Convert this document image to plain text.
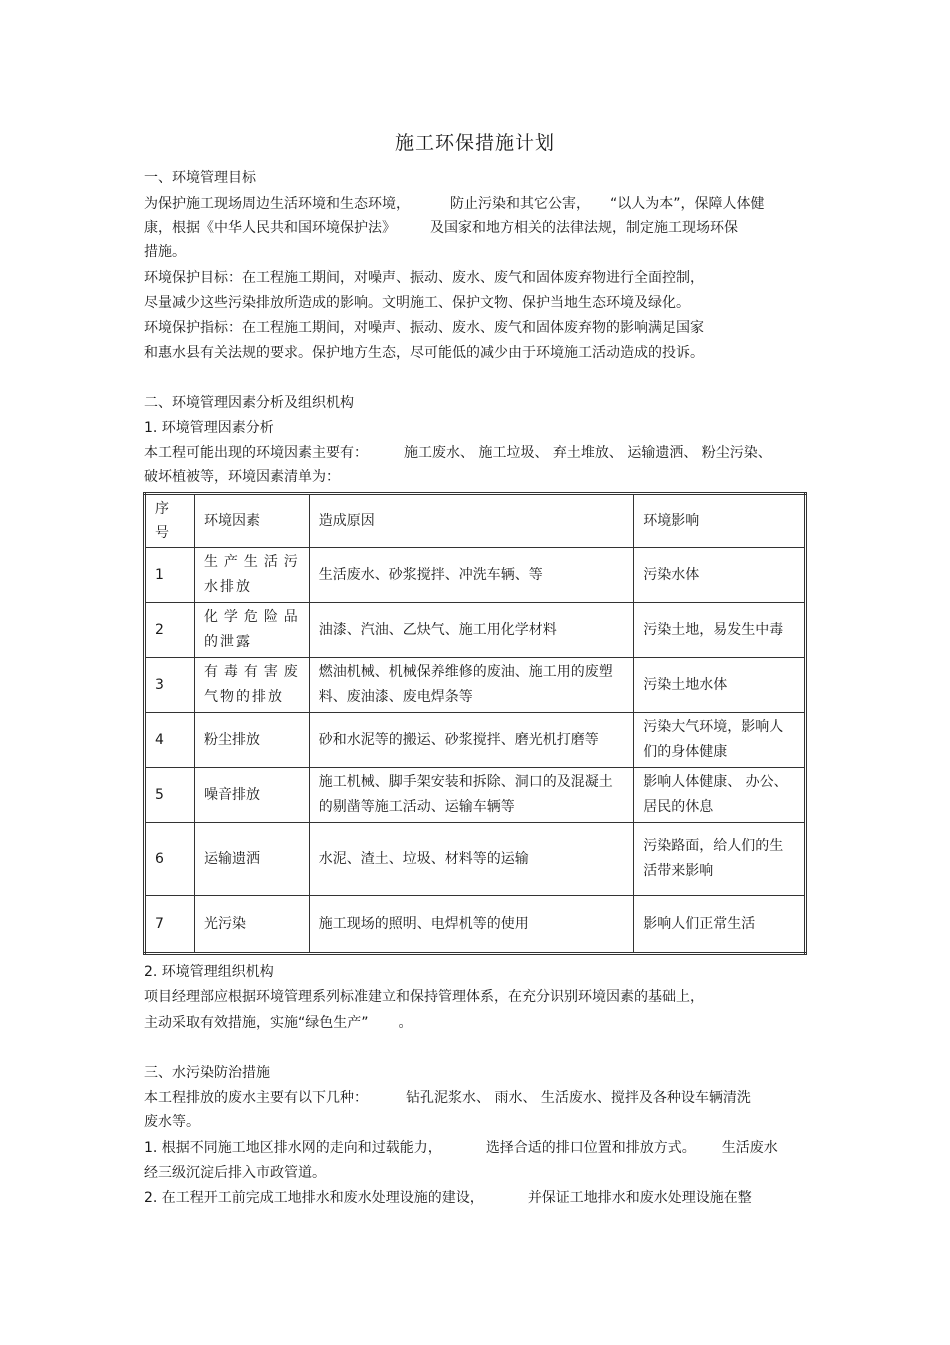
施工环保措施计划
一、环境管理目标
为保护施工现场周边生活环境和生态环境，	防止污染和其它公害， “以人为本”，保障人体健
康，根据《中华人民共和国环境保护法》 及国家和地方相关的法律法规，制定施工现场环保
措施。
环境保护目标：在工程施工期间，对噪声、振动、废水、废气和固体废弃物进行全面控制，
尽量减少这些污染排放所造成的影响。文明施工、保护文物、保护当地生态环境及绿化。
环境保护指标：在工程施工期间，对噪声、振动、废水、废气和固体废弃物的影响满足国家
和惠水县有关法规的要求。保护地方生态，尽可能低的减少由于环境施工活动造成的投诉。
二、环境管理因素分析及组织机构
1. 环境管理因素分析
本工程可能出现的环境因素主要有：	施工废水、 施工垃圾、 弃土堆放、 运输遗洒、 粉尘污染、
破坏植被等，环境因素清单为：
序号	环境因素	造成原因	环境影响
1	生产生活污水排放	生活废水、砂浆搅拌、冲洗车辆、等	污染水体
2	化学危险品的泄露	油漆、汽油、乙炔气、施工用化学材料	污染土地，易发生中毒
3	有毒有害废气物的排放	燃油机械、机械保养维修的废油、施工用的废塑料、废油漆、废电焊条等	污染土地水体
4	粉尘排放	砂和水泥等的搬运、砂浆搅拌、磨光机打磨等	污染大气环境，影响人们的身体健康
5	噪音排放	施工机械、脚手架安装和拆除、洞口的及混凝土的剔凿等施工活动、运输车辆等	影响人体健康、 办公、居民的休息
6	运输遗洒	水泥、渣土、垃圾、材料等的运输	污染路面，给人们的生活带来影响
7	光污染	施工现场的照明、电焊机等的使用	影响人们正常生活
2. 环境管理组织机构
项目经理部应根据环境管理系列标准建立和保持管理体系，在充分识别环境因素的基础上，
主动采取有效措施，实施“绿色生产” 。
三、水污染防治措施
本工程排放的废水主要有以下几种：	钻孔泥浆水、 雨水、 生活废水、搅拌及各种设车辆清洗
废水等。
1. 根据不同施工地区排水网的走向和过载能力，	选择合适的排口位置和排放方式。 生活废水
经三级沉淀后排入市政管道。
2. 在工程开工前完成工地排水和废水处理设施的建设，	并保证工地排水和废水处理设施在整
